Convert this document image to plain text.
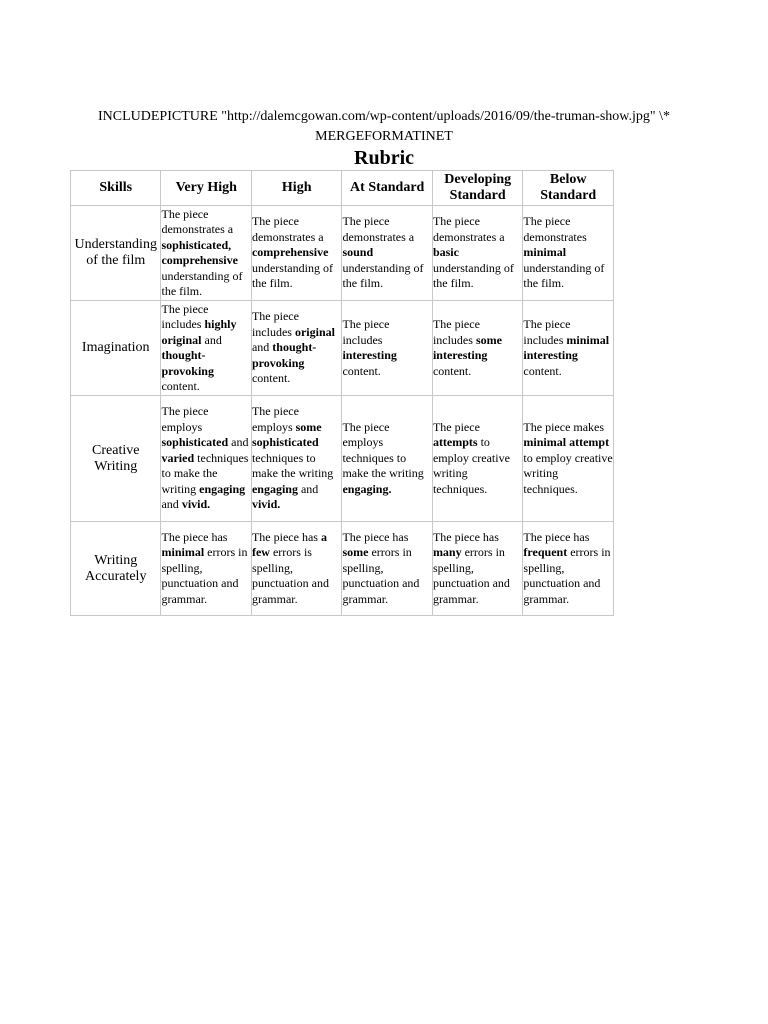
INCLUDEPICTURE "http://dalemcgowan.com/wp-content/uploads/2016/09/the-truman-show.jpg" \* MERGEFORMATINET
Rubric
Skills	Very High	High	At Standard	Developing Standard	Below Standard
Understanding of the film	The piece demonstrates a sophisticated, comprehensive understanding of the film.	The piece demonstrates a comprehensive understanding of the film.	The piece demonstrates a sound understanding of the film.	The piece demonstrates a basic understanding of the film.	The piece demonstrates minimal understanding of the film.
Imagination	The piece includes highly original and thought-provoking content.	The piece includes original and thought-provoking content.	The piece includes interesting content.	The piece includes some interesting content.	The piece includes minimal interesting content.
Creative Writing	The piece employs sophisticated and varied techniques to make the writing engaging and vivid.	The piece employs some sophisticated techniques to make the writing engaging and vivid.	The piece employs techniques to make the writing engaging.	The piece attempts to employ creative writing techniques.	The piece makes minimal attempt to employ creative writing techniques.
Writing Accurately	The piece has minimal errors in spelling, punctuation and grammar.	The piece has a few errors is spelling, punctuation and grammar.	The piece has some errors in spelling, punctuation and grammar.	The piece has many errors in spelling, punctuation and grammar.	The piece has frequent errors in spelling, punctuation and grammar.
